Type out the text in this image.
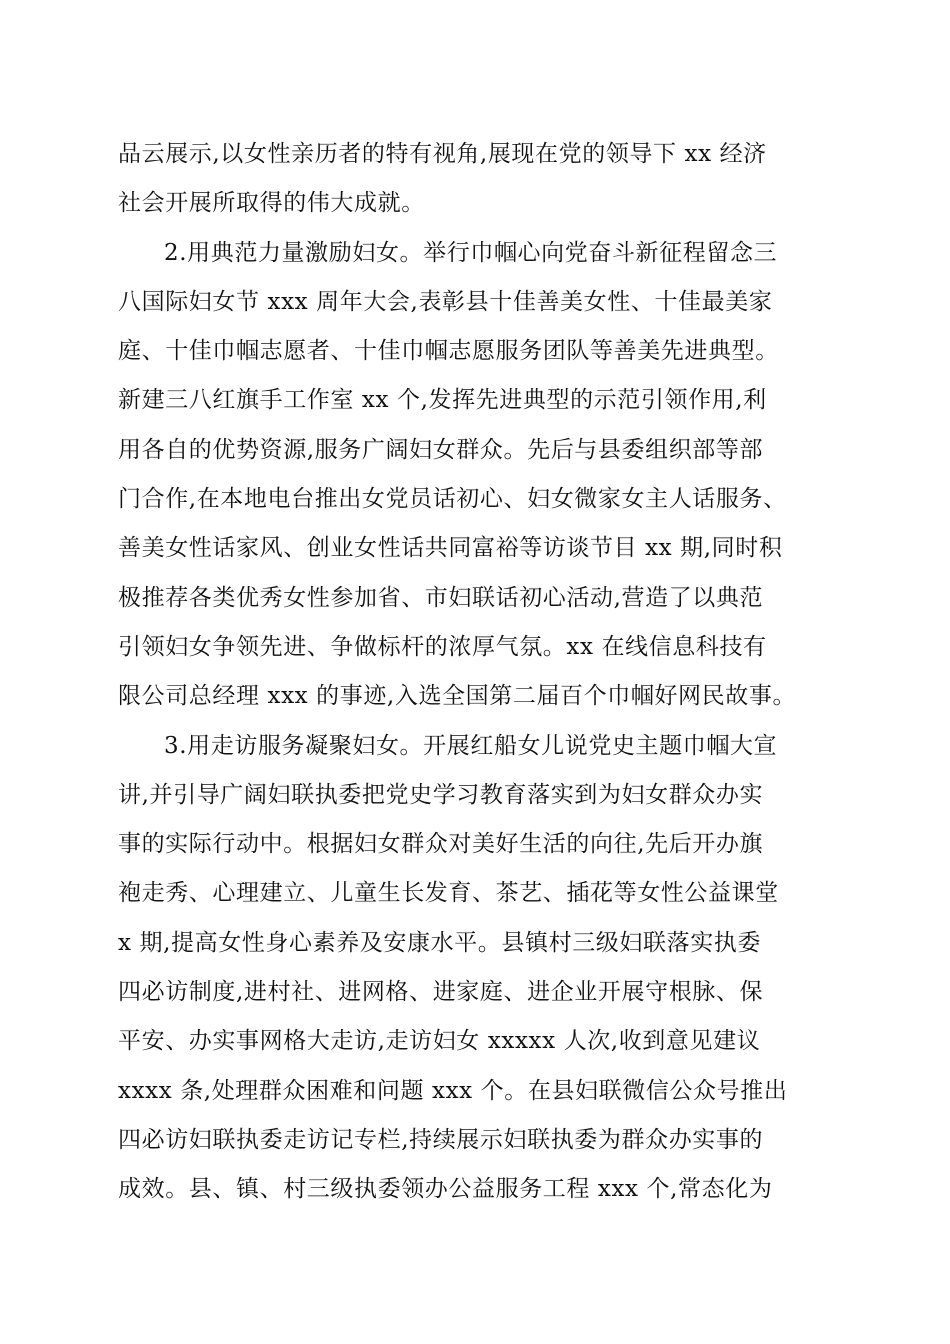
品云展示,以女性亲历者的特有视角,展现在党的领导下 xx 经济
社会开展所取得的伟大成就。
2.用典范力量激励妇女。举行巾帼心向党奋斗新征程留念三
八国际妇女节 xxx 周年大会,表彰县十佳善美女性、十佳最美家
庭、十佳巾帼志愿者、十佳巾帼志愿服务团队等善美先进典型。
新建三八红旗手工作室 xx 个,发挥先进典型的示范引领作用,利
用各自的优势资源,服务广阔妇女群众。先后与县委组织部等部
门合作,在本地电台推出女党员话初心、妇女微家女主人话服务、
善美女性话家风、创业女性话共同富裕等访谈节目 xx 期,同时积
极推荐各类优秀女性参加省、市妇联话初心活动,营造了以典范
引领妇女争领先进、争做标杆的浓厚气氛。xx 在线信息科技有
限公司总经理 xxx 的事迹,入选全国第二届百个巾帼好网民故事。
3.用走访服务凝聚妇女。开展红船女儿说党史主题巾帼大宣
讲,并引导广阔妇联执委把党史学习教育落实到为妇女群众办实
事的实际行动中。根据妇女群众对美好生活的向往,先后开办旗
袍走秀、心理建立、儿童生长发育、茶艺、插花等女性公益课堂
x 期,提高女性身心素养及安康水平。县镇村三级妇联落实执委
四必访制度,进村社、进网格、进家庭、进企业开展守根脉、保
平安、办实事网格大走访,走访妇女 xxxxx 人次,收到意见建议
xxxx 条,处理群众困难和问题 xxx 个。在县妇联微信公众号推出
四必访妇联执委走访记专栏,持续展示妇联执委为群众办实事的
成效。县、镇、村三级执委领办公益服务工程 xxx 个,常态化为
